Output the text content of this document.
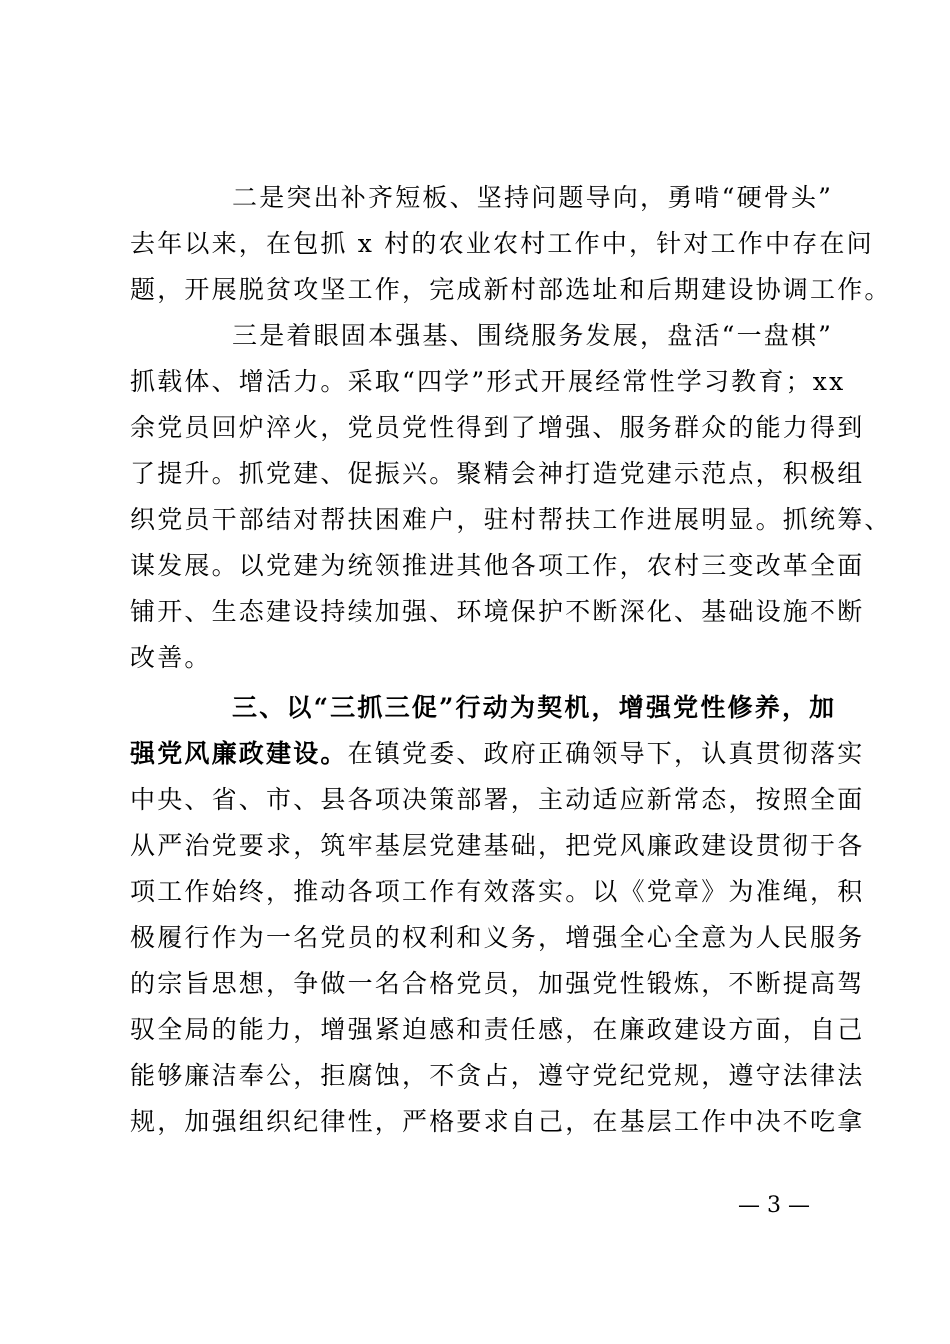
二是突出补齐短板、坚持问题导向，勇啃“硬骨头”
去年以来，在包抓 x 村的农业农村工作中，针对工作中存在问
题，开展脱贫攻坚工作，完成新村部选址和后期建设协调工作。
三是着眼固本强基、围绕服务发展，盘活“一盘棋”
抓载体、增活力。采取“四学”形式开展经常性学习教育；xx
余党员回炉淬火，党员党性得到了增强、服务群众的能力得到
了提升。抓党建、促振兴。聚精会神打造党建示范点，积极组
织党员干部结对帮扶困难户，驻村帮扶工作进展明显。抓统筹、
谋发展。以党建为统领推进其他各项工作，农村三变改革全面
铺开、生态建设持续加强、环境保护不断深化、基础设施不断
改善。
三、以“三抓三促”行动为契机，增强党性修养，加
强党风廉政建设。在镇党委、政府正确领导下，认真贯彻落实
中央、省、市、县各项决策部署，主动适应新常态，按照全面
从严治党要求，筑牢基层党建基础，把党风廉政建设贯彻于各
项工作始终，推动各项工作有效落实。以《党章》为准绳，积
极履行作为一名党员的权利和义务，增强全心全意为人民服务
的宗旨思想，争做一名合格党员，加强党性锻炼，不断提高驾
驭全局的能力，增强紧迫感和责任感，在廉政建设方面，自己
能够廉洁奉公，拒腐蚀，不贪占，遵守党纪党规，遵守法律法
规，加强组织纪律性，严格要求自己，在基层工作中决不吃拿
— 3 —
